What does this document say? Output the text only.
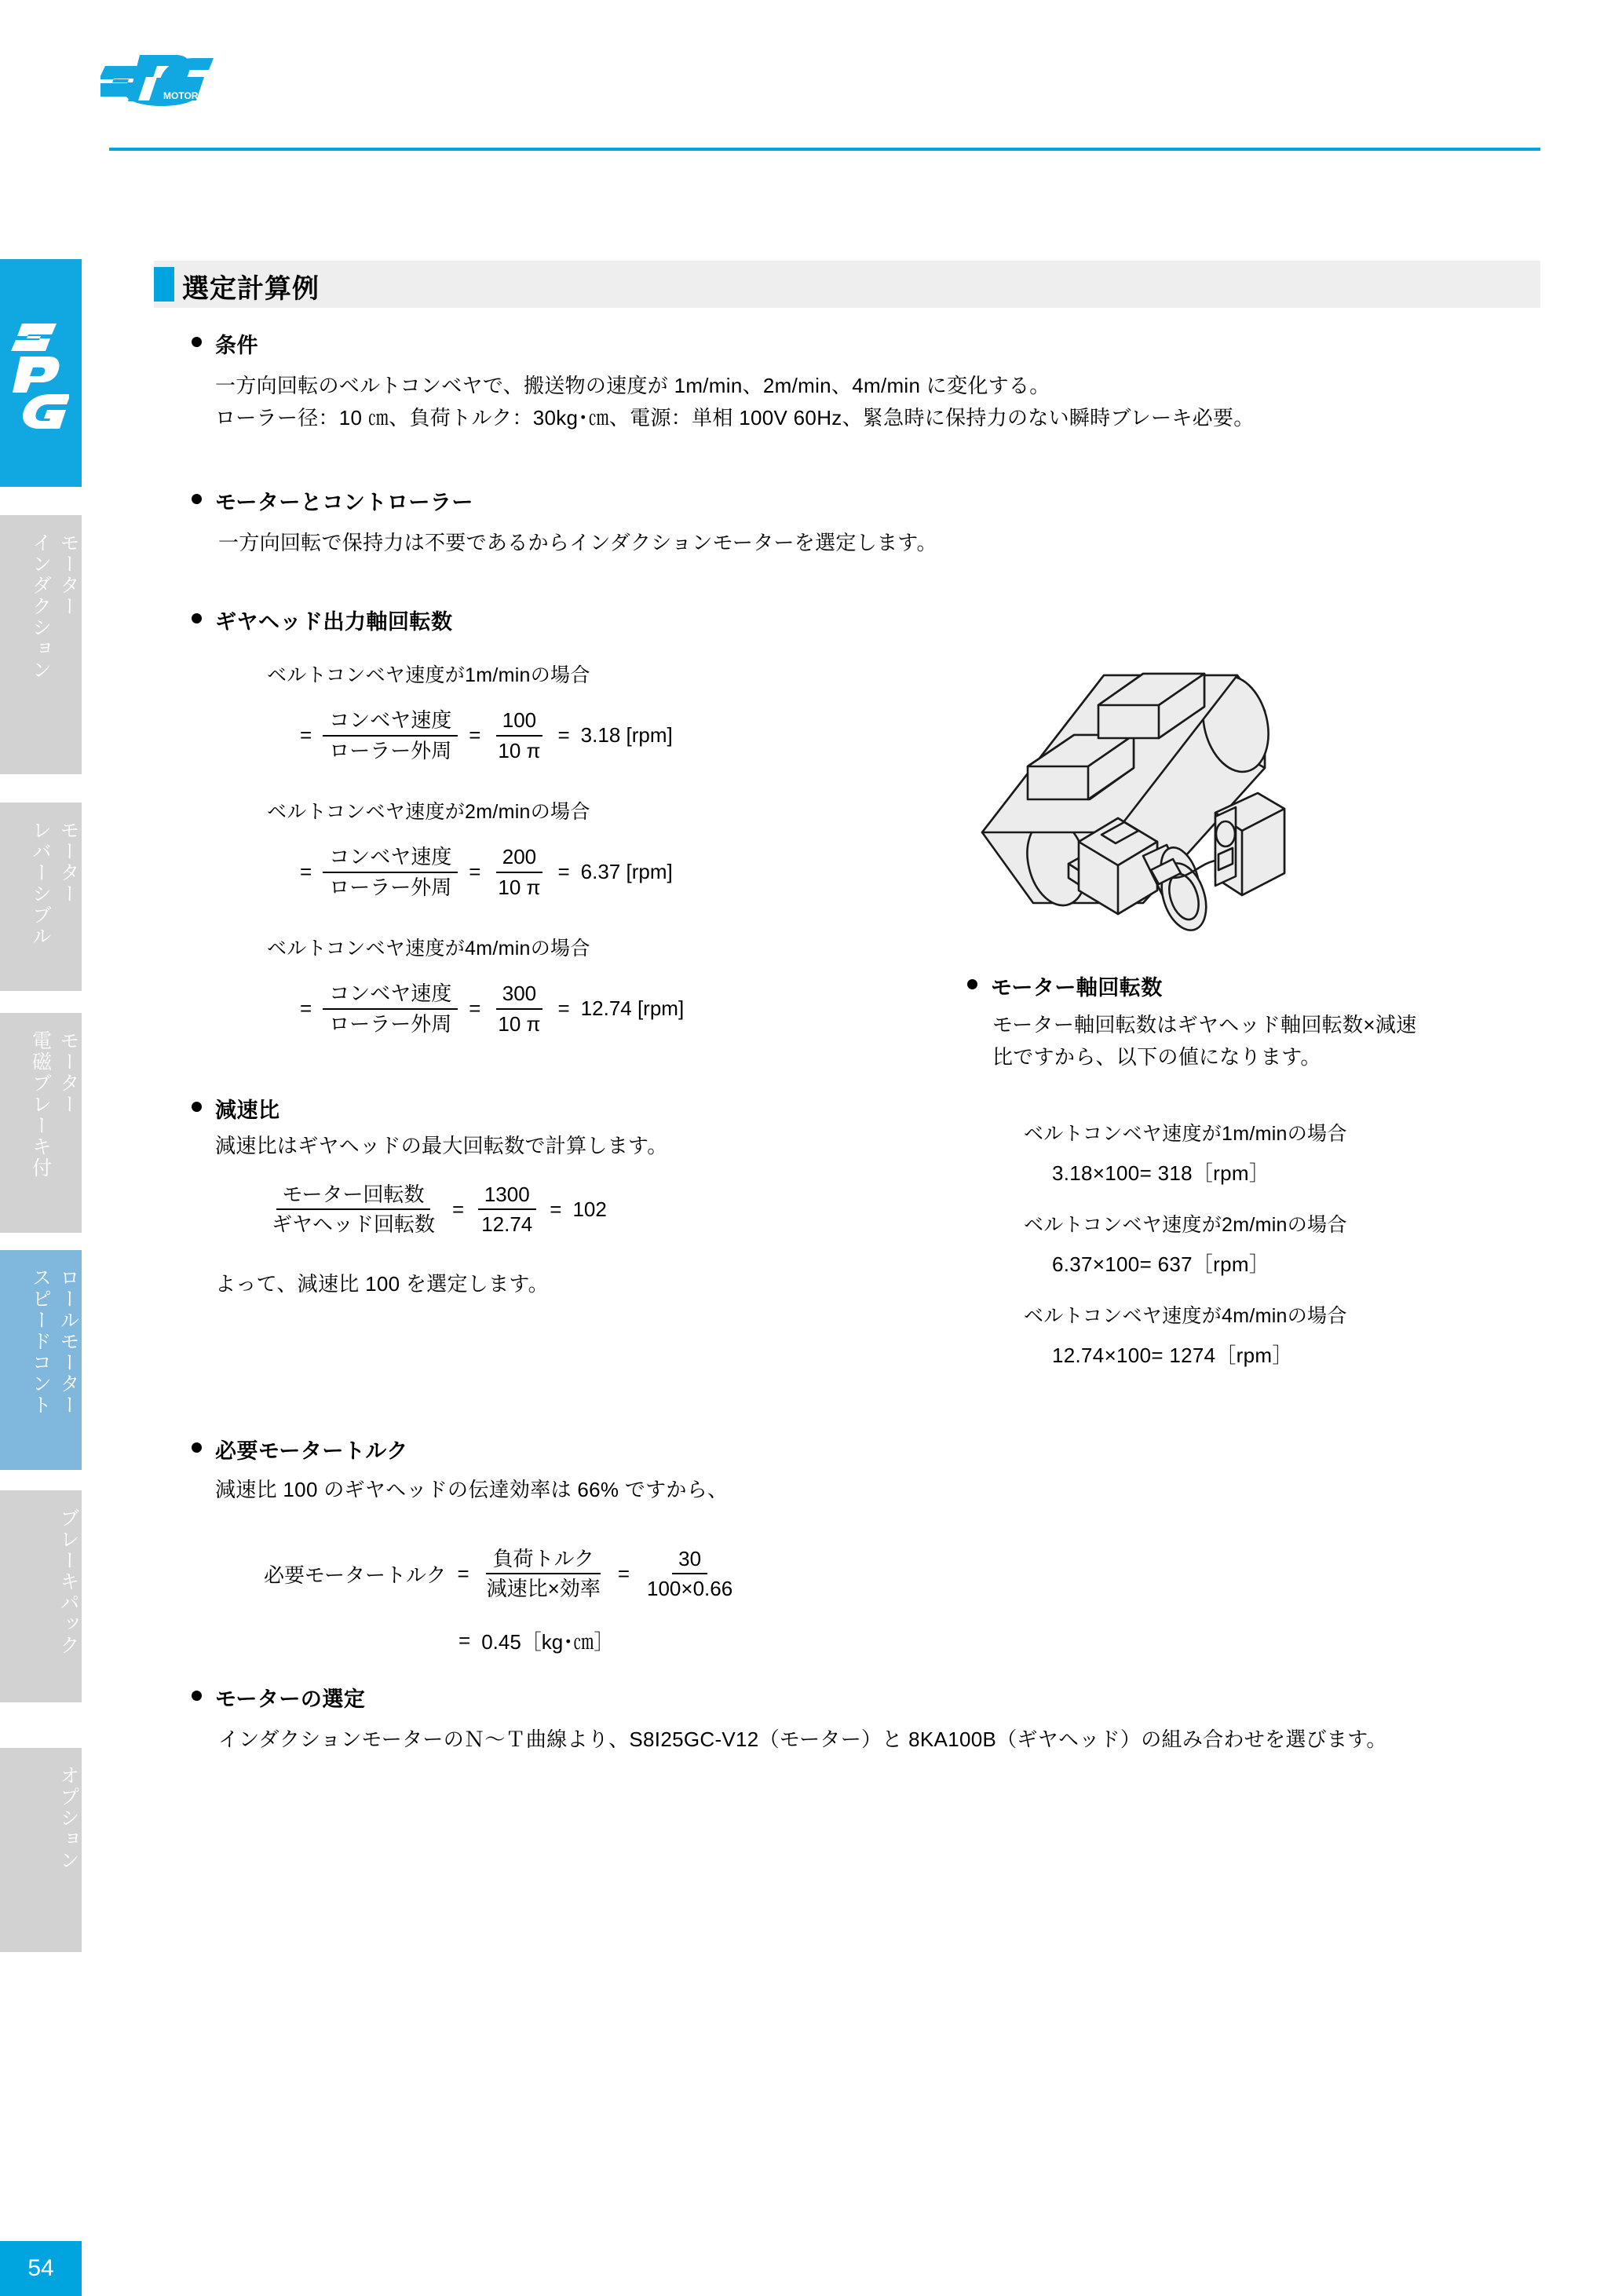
モーター
インダクション
モーター
レバーシブル
モーター
電磁ブレーキ付
ロールモーター
スピードコント
ブレーキパック
オプション
54
MOTOR
選定計算例
条件
一方向回転のベルトコンベヤで、搬送物の速度が 1m/min、2m/min、4m/min に変化する。
ローラー径：10 ㎝、負荷トルク：30kg･㎝、電源：単相 100V 60Hz、緊急時に保持力のない瞬時ブレーキ必要。
モーターとコントローラー
一方向回転で保持力は不要であるからインダクションモーターを選定します。
ギヤヘッド出力軸回転数
ベルトコンベヤ速度が1m/minの場合
= $\frac{\text{コンベヤ速度}}{\text{ローラー外周}} = \frac{100}{10 \pi} = 3.18$ [rpm]
ベルトコンベヤ速度が2m/minの場合
= $\frac{\text{コンベヤ速度}}{\text{ローラー外周}} = \frac{200}{10 \pi} = 6.37$ [rpm]
ベルトコンベヤ速度が4m/minの場合
= $\frac{\text{コンベヤ速度}}{\text{ローラー外周}} = \frac{300}{10 \pi} = 12.74$ [rpm]
減速比
減速比はギヤヘッドの最大回転数で計算します。
$\frac{\text{モーター回転数}}{\text{ギヤヘッド回転数}} = \frac{1300}{12.74} = 102$
よって、減速比 100 を選定します。
モーター軸回転数
モーター軸回転数はギヤヘッド軸回転数×減速
比ですから、以下の値になります。
ベルトコンベヤ速度が1m/minの場合
3.18×100= 318［rpm］
ベルトコンベヤ速度が2m/minの場合
6.37×100= 637［rpm］
ベルトコンベヤ速度が4m/minの場合
12.74×100= 1274［rpm］
必要モータートルク
減速比 100 のギヤヘッドの伝達効率は 66% ですから、
必要モータートルク = $\frac{\text{負荷トルク}}{\text{減速比×効率}} = \frac{30}{100\times 0.66}$
= 0.45［kg･㎝］
モーターの選定
インダクションモーターのＮ～Ｔ曲線より、S8I25GC-V12（モーター）と 8KA100B（ギヤヘッド）の組み合わせを選びます。
